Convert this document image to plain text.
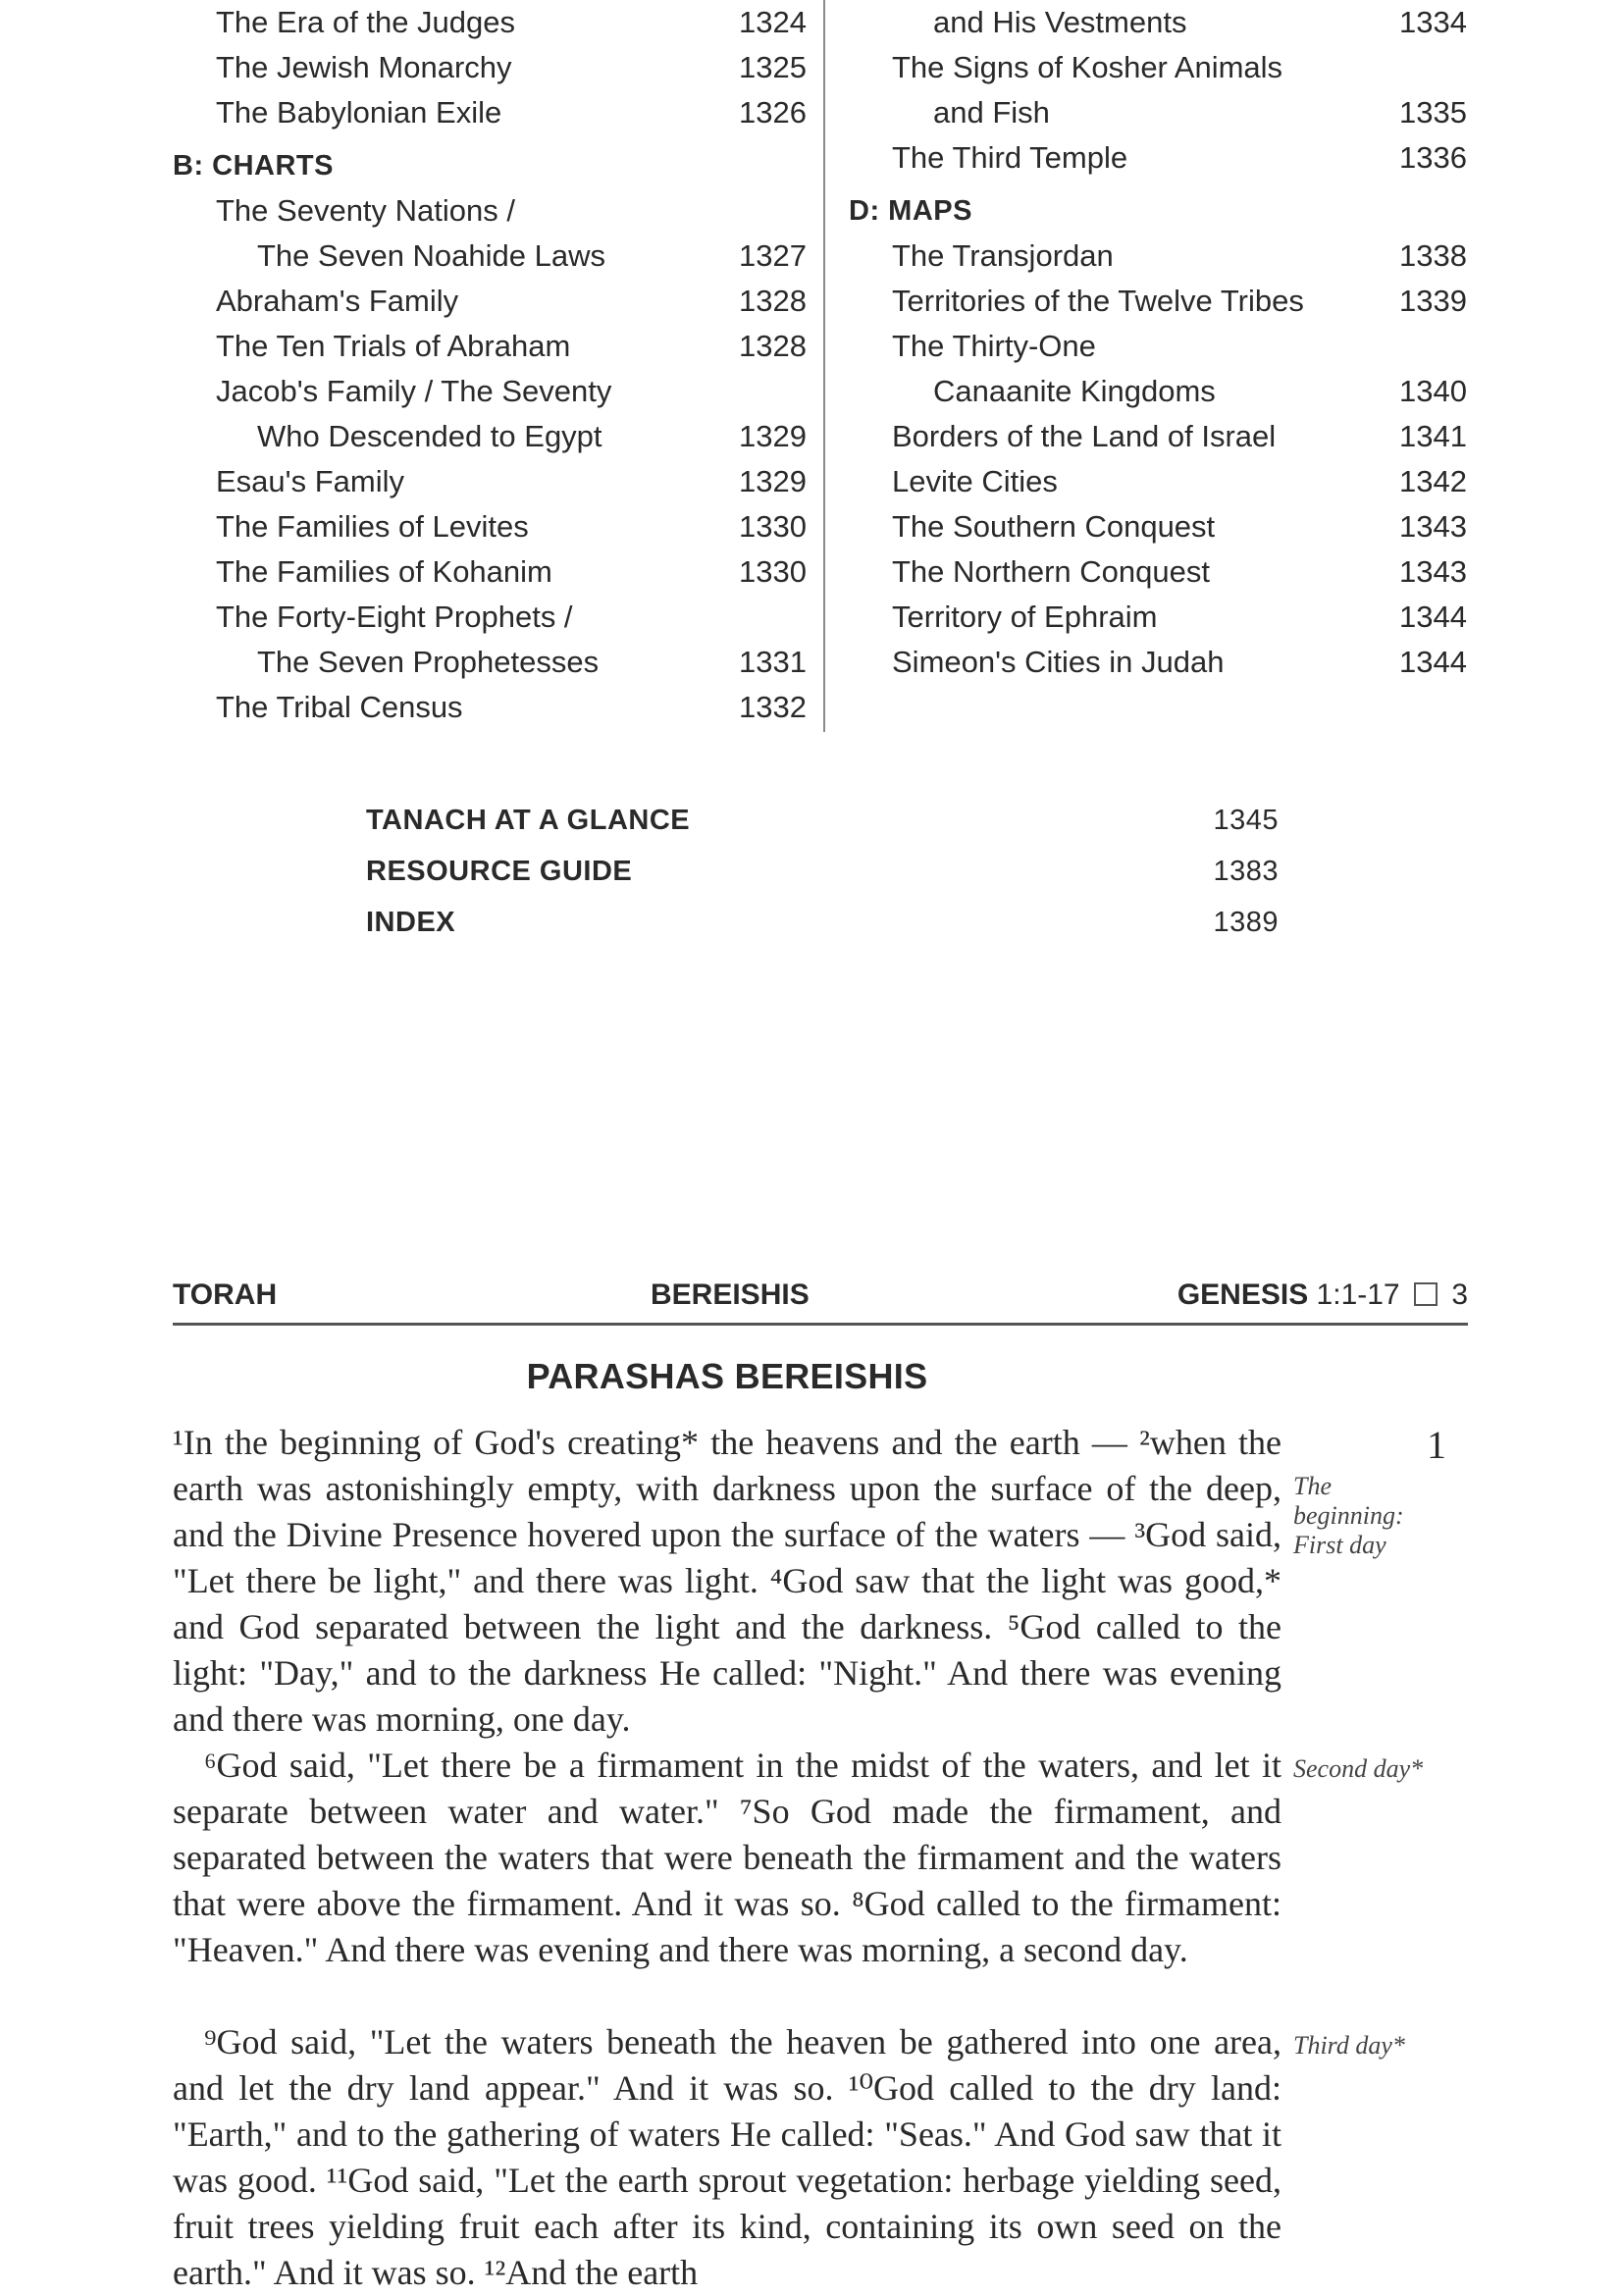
The Era of the Judges	1324
The Jewish Monarchy	1325
The Babylonian Exile	1326
B: CHARTS
The Seventy Nations /
The Seven Noahide Laws	1327
Abraham's Family	1328
The Ten Trials of Abraham	1328
Jacob's Family / The Seventy
Who Descended to Egypt	1329
Esau's Family	1329
The Families of Levites	1330
The Families of Kohanim	1330
The Forty-Eight Prophets /
The Seven Prophetesses	1331
The Tribal Census	1332
and His Vestments	1334
The Signs of Kosher Animals
and Fish	1335
The Third Temple	1336
D: MAPS
The Transjordan	1338
Territories of the Twelve Tribes	1339
The Thirty-One
Canaanite Kingdoms	1340
Borders of the Land of Israel	1341
Levite Cities	1342
The Southern Conquest	1343
The Northern Conquest	1343
Territory of Ephraim	1344
Simeon's Cities in Judah	1344
TANACH AT A GLANCE	1345
RESOURCE GUIDE	1383
INDEX	1389
TORAH	BEREISHIS	GENESIS 1:1-17 3
PARASHAS BEREISHIS
1

¹In the beginning of God's creating* the heavens and the earth — ²when the earth was astonishingly empty, with darkness upon the surface of the deep, and the Divine Presence hovered upon the surface of the waters — ³God said, "Let there be light," and there was light. ⁴God saw that the light was good,* and God separated between the light and the darkness. ⁵God called to the light: "Day," and to the darkness He called: "Night." And there was evening and there was morning, one day.

⁶God said, "Let there be a firmament in the midst of the waters, and let it separate between water and water." ⁷So God made the firmament, and separated between the waters that were beneath the firmament and the waters that were above the firmament. And it was so. ⁸God called to the firmament: "Heaven." And there was evening and there was morning, a second day.

⁹God said, "Let the waters beneath the heaven be gathered into one area, and let the dry land appear." And it was so. ¹⁰God called to the dry land: "Earth," and to the gathering of waters He called: "Seas." And God saw that it was good. ¹¹God said, "Let the earth sprout vegetation: herbage yielding seed, fruit trees yielding fruit each after its kind, containing its own seed on the earth." And it was so. ¹²And the earth

The beginning: First day
Second day*
Third day*
